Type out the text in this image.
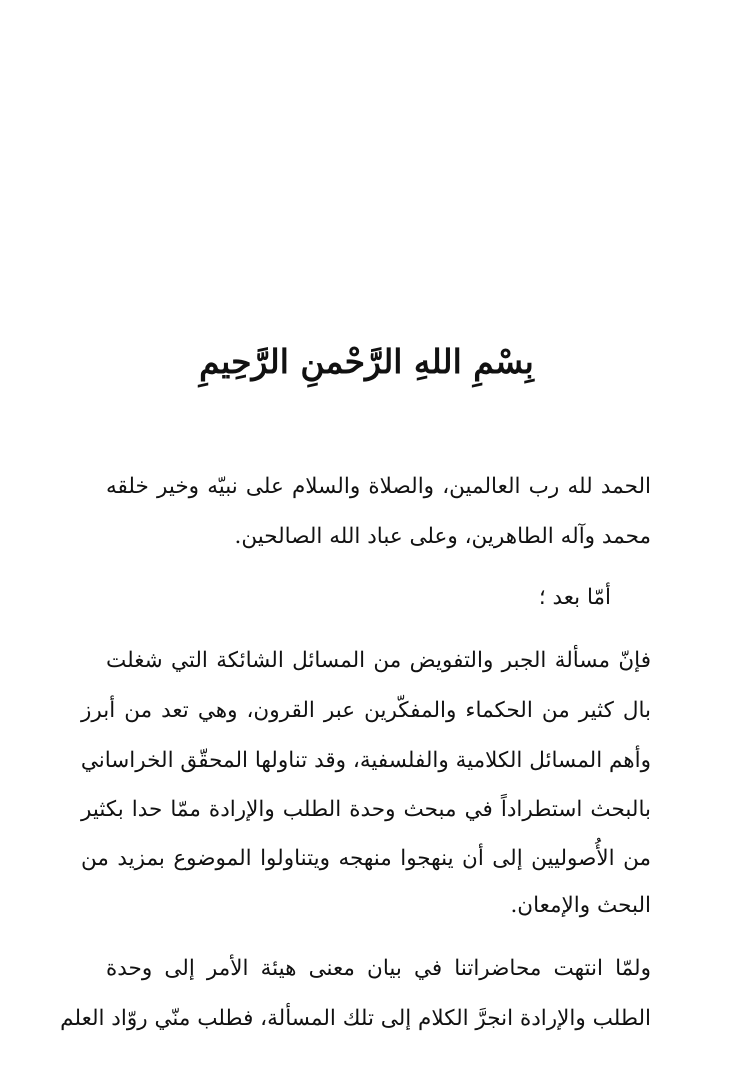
بِسْمِ اللهِ الرَّحْمنِ الرَّحِيمِ
الحمد لله رب العالمين، والصلاة والسلام على نبيّه وخير خلقه
محمد وآله الطاهرين، وعلى عباد الله الصالحين.
أمّا بعد ؛
فإنّ مسألة الجبر والتفويض من المسائل الشائكة التي شغلت
بال كثير من الحكماء والمفكّرين عبر القرون، وهي تعد من أبرز
وأهم المسائل الكلامية والفلسفية، وقد تناولها المحقّق الخراساني
بالبحث استطراداً في مبحث وحدة الطلب والإرادة ممّا حدا بكثير
من الأُصوليين إلى أن ينهجوا منهجه ويتناولوا الموضوع بمزيد من
البحث والإمعان.
ولمّا انتهت محاضراتنا في بيان معنى هيئة الأمر إلى وحدة
الطلب والإرادة انجرَّ الكلام إلى تلك المسألة، فطلب منّي روّاد العلم
